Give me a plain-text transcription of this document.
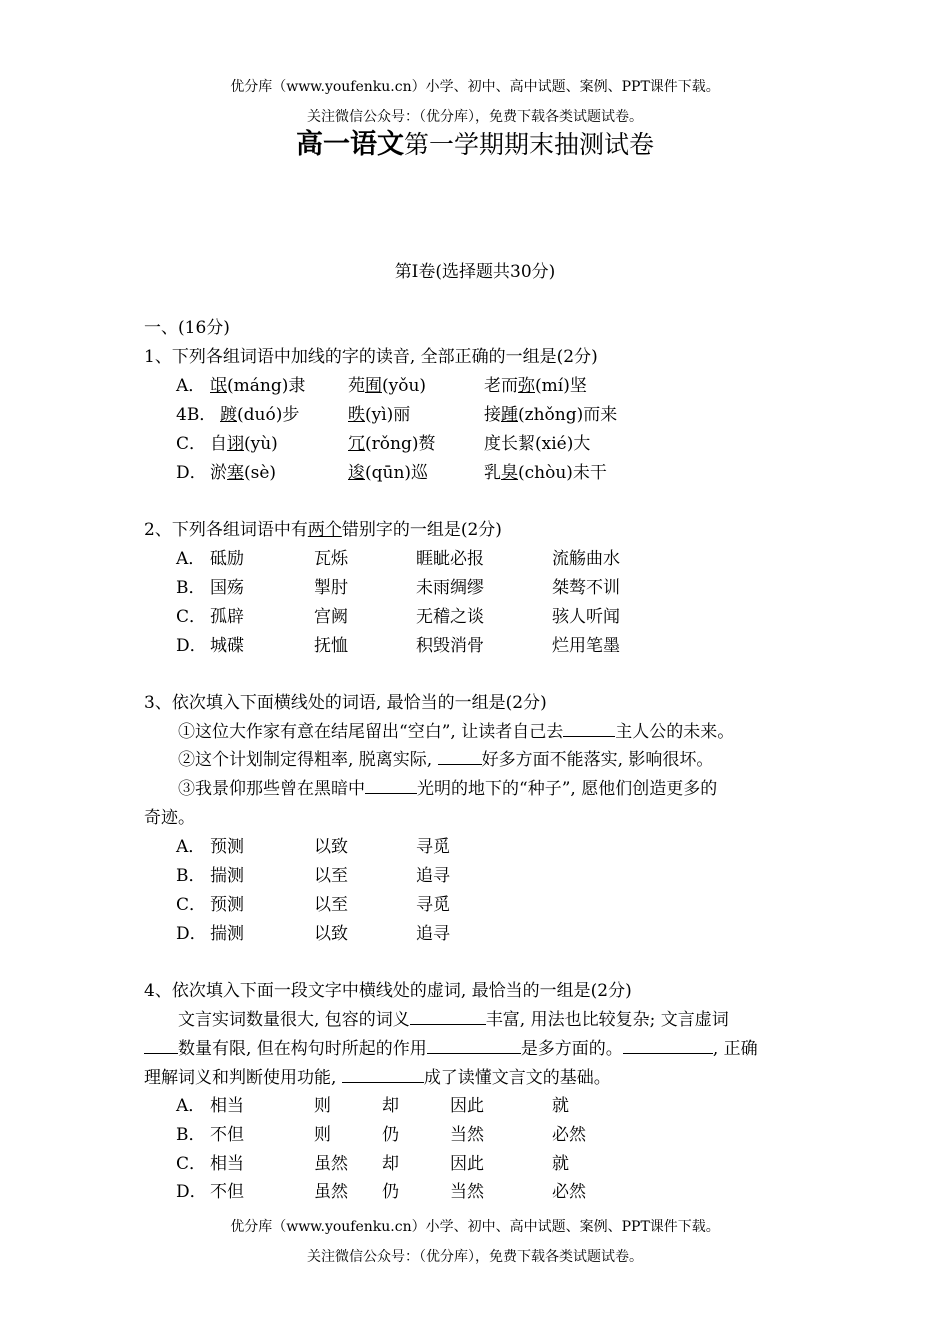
优分库（www.youfenku.cn）小学、初中、高中试题、案例、PPT课件下载。
关注微信公众号：（优分库），免费下载各类试题试卷。
高一语文第一学期期末抽测试卷
第Ⅰ卷(选择题共30分)
一、(16分)
1、下列各组词语中加线的字的读音, 全部正确的一组是(2分)
A． 氓(máng)隶	苑囿(yǒu)	老而弥(mí)坚
4B． 踱(duó)步	昳(yì)丽	接踵(zhǒng)而来
C． 自诩(yù)	冗(rǒng)赘	度长絜(xié)大
D． 淤塞(sè)	逡(qūn)巡	乳臭(chòu)未干
2、下列各组词语中有两个错别字的一组是(2分)
A． 砥励	瓦烁	睚眦必报	流觞曲水
B． 国殇	掣肘	未雨绸缪	桀骜不训
C． 孤辟	宫阙	无稽之谈	骇人听闻
D． 城碟	抚恤	积毁消骨	烂用笔墨
3、依次填入下面横线处的词语, 最恰当的一组是(2分)
①这位大作家有意在结尾留出“空白”, 让读者自己去	主人公的未来。
②这个计划制定得粗率, 脱离实际,	好多方面不能落实, 影响很坏。
③我景仰那些曾在黑暗中	光明的地下的“种子”, 愿他们创造更多的
奇迹。
A． 预测	以致	寻觅
B． 揣测	以至	追寻
C． 预测	以至	寻觅
D． 揣测	以致	追寻
4、依次填入下面一段文字中横线处的虚词, 最恰当的一组是(2分)
文言实词数量很大, 包容的词义	丰富, 用法也比较复杂; 文言虚词
数量有限, 但在构句时所起的作用	是多方面的。	, 正确
理解词义和判断使用功能,	成了读懂文言文的基础。
A． 相当	则	却	因此	就
B． 不但	则	仍	当然	必然
C． 相当	虽然 却	因此	就
D． 不但	虽然 仍	当然	必然
优分库（www.youfenku.cn）小学、初中、高中试题、案例、PPT课件下载。
关注微信公众号：（优分库），免费下载各类试题试卷。
